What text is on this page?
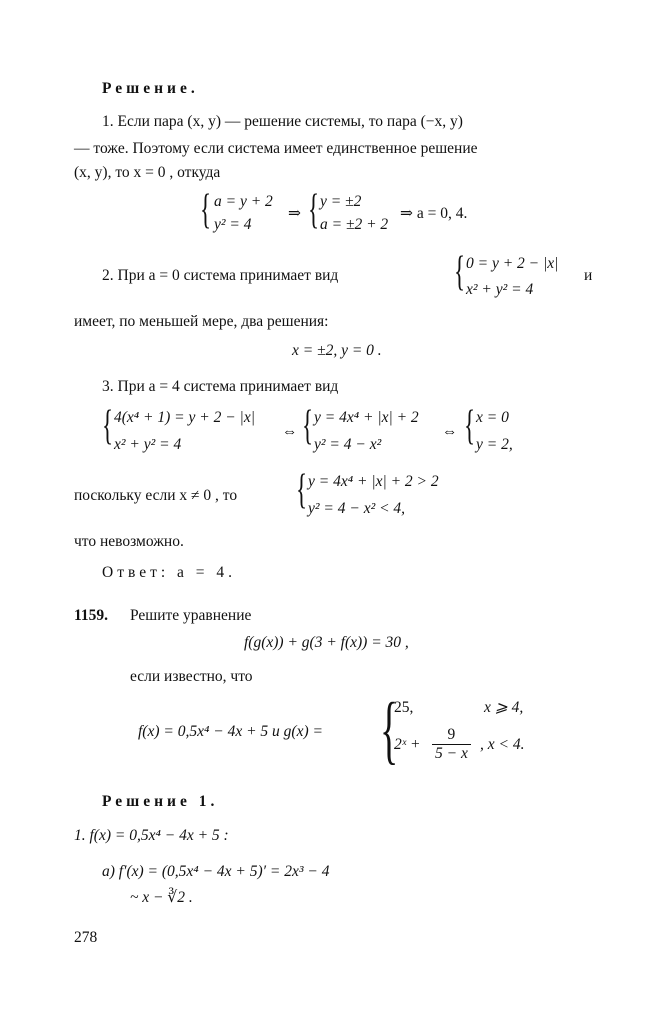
Решение.
1. Если пара (x, y) — решение системы, то пара (−x, y)
— тоже. Поэтому если система имеет единственное решение
(x, y), то x = 0 , откуда
{ a = y + 2
y² = 4
⇒ { y = ±2
a = ±2 + 2
⇒ a = 0, 4.
2. При a = 0 система принимает вид	{ 0 = y + 2 − |x|
x² + y² = 4
и
имеет, по меньшей мере, два решения:
x = ±2, y = 0 .
3. При a = 4 система принимает вид
{ 4(x⁴ + 1) = y + 2 − |x|
x² + y² = 4
⇔ { y = 4x⁴ + |x| + 2
y² = 4 − x²
⇔ { x = 0
y = 2,
поскольку если x ≠ 0 , то { y = 4x⁴ + |x| + 2 > 2
y² = 4 − x² < 4,
что невозможно.
Ответ: a = 4.
1159. Решите уравнение
f(g(x)) + g(3 + f(x)) = 30 ,
если известно, что
f(x) = 0,5x⁴ − 4x + 5 и g(x) = {
25,	x ⩾ 4,
2ˣ + $\frac{9}{5 - x}$ , x < 4.
Решение 1.
1. f(x) = 0,5x⁴ − 4x + 5 :
а) f′(x) = (0,5x⁴ − 4x + 5)′ = 2x³ − 4
~ x − ∛2 .
278
